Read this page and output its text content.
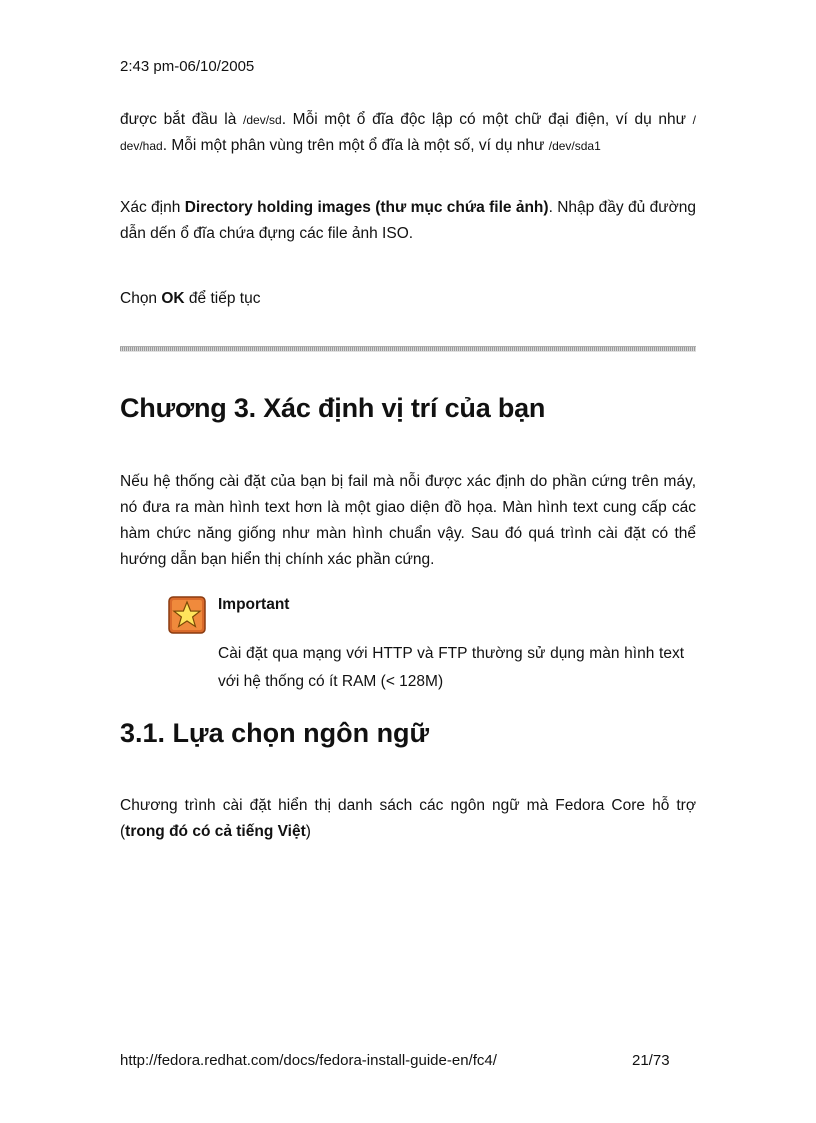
2:43 pm-06/10/2005
được bắt đầu là /dev/sd. Mỗi một ổ đĩa độc lập có một chữ đại điện, ví dụ như / dev/had. Mỗi một phân vùng trên một ổ đĩa là một số, ví dụ như /dev/sda1
Xác định Directory holding images (thư mục chứa file ảnh). Nhập đầy đủ đường dẫn dến ổ đĩa chứa đựng các file ảnh ISO.
Chọn OK để tiếp tục
Chương 3. Xác định vị trí của bạn
Nếu hệ thống cài đặt của bạn bị fail mà nỗi được xác định do phần cứng trên máy, nó đưa ra màn hình text hơn là một giao diện đồ họa. Màn hình text cung cấp các hàm chức năng giống như màn hình chuẩn vậy. Sau đó quá trình cài đặt có thể hướng dẫn bạn hiển thị chính xác phần cứng.
Important
Cài đặt qua mạng với HTTP và FTP thường sử dụng màn hình text với hệ thống có ít RAM (< 128M)
3.1. Lựa chọn ngôn ngữ
Chương trình cài đặt hiển thị danh sách các ngôn ngữ mà Fedora Core hỗ trợ (trong đó có cả tiếng Việt)
http://fedora.redhat.com/docs/fedora-install-guide-en/fc4/	21/73
